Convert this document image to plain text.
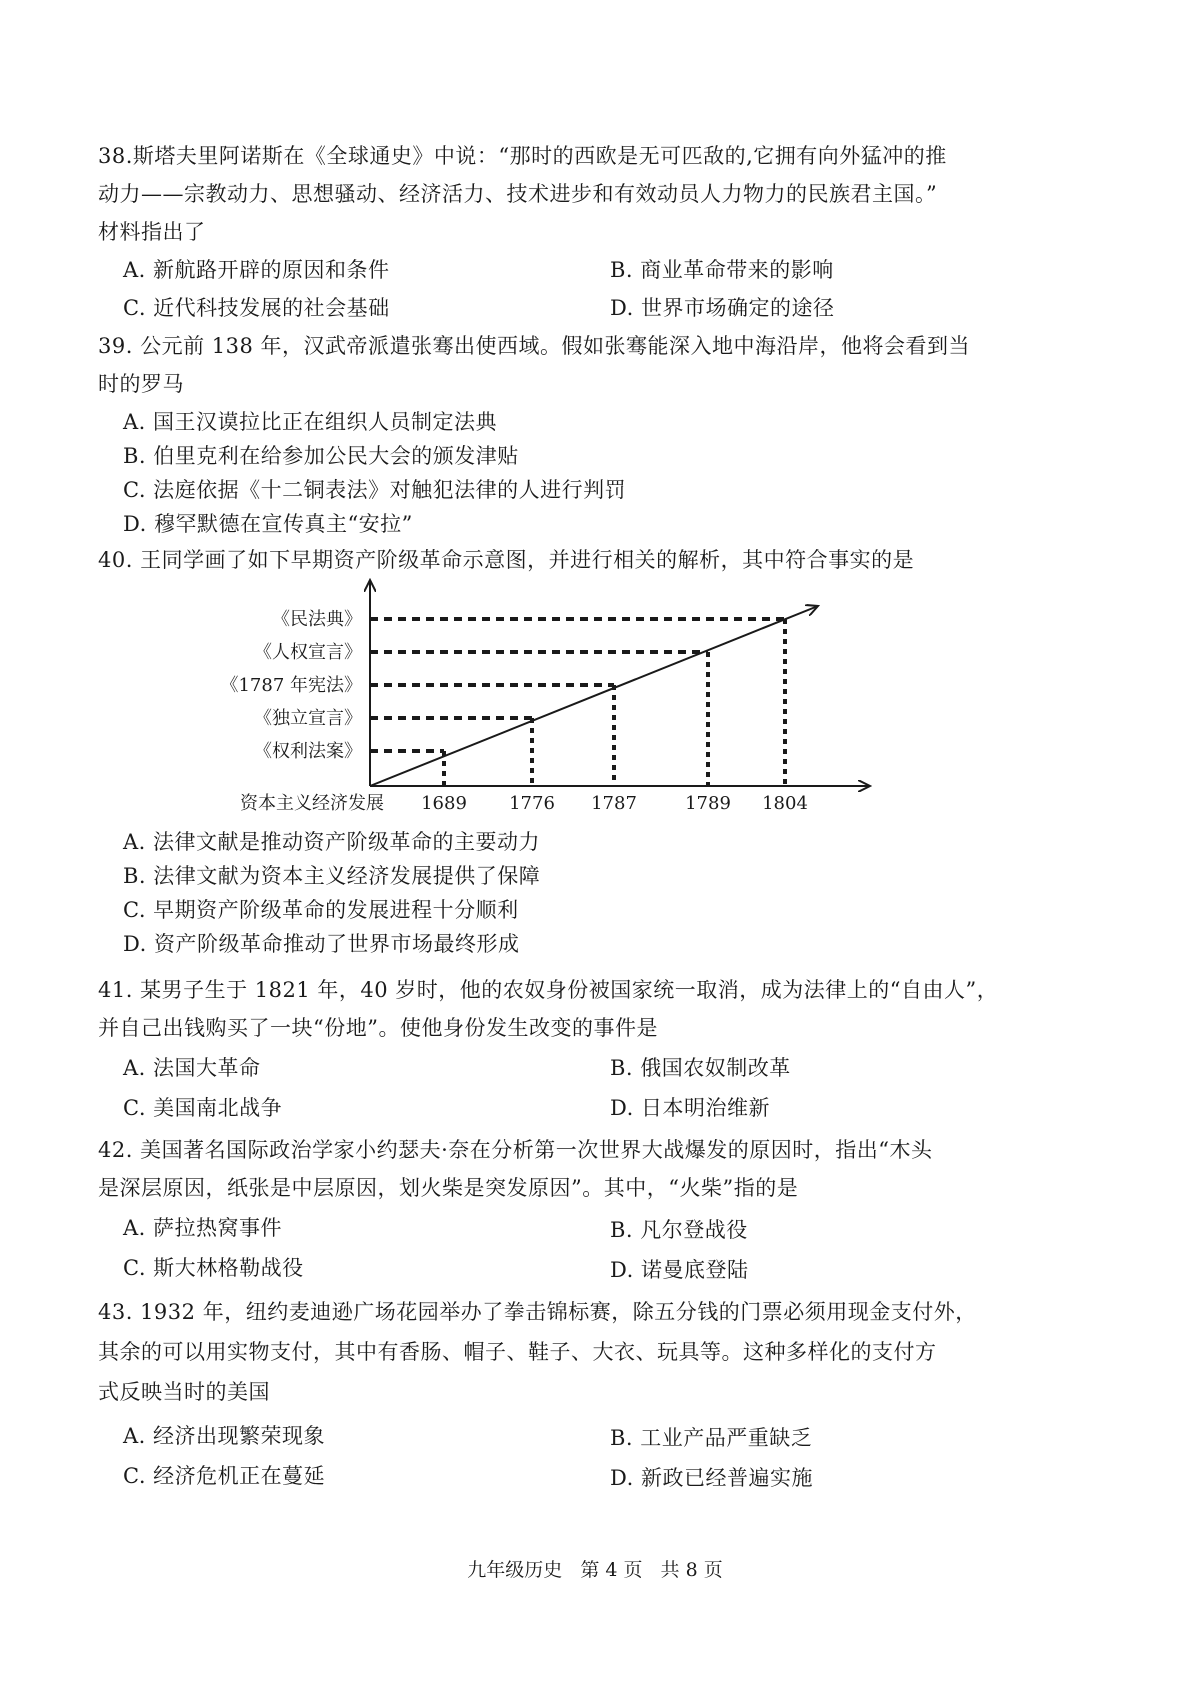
38.斯塔夫里阿诺斯在《全球通史》中说：“那时的西欧是无可匹敌的,它拥有向外猛冲的推
动力——宗教动力、思想骚动、经济活力、技术进步和有效动员人力物力的民族君主国。”
材料指出了
A. 新航路开辟的原因和条件	B. 商业革命带来的影响
C. 近代科技发展的社会基础	D. 世界市场确定的途径
39. 公元前 138 年，汉武帝派遣张骞出使西域。假如张骞能深入地中海沿岸，他将会看到当
时的罗马
A. 国王汉谟拉比正在组织人员制定法典
B. 伯里克利在给参加公民大会的颁发津贴
C. 法庭依据《十二铜表法》对触犯法律的人进行判罚
D. 穆罕默德在宣传真主“安拉”
40. 王同学画了如下早期资产阶级革命示意图，并进行相关的解析，其中符合事实的是
1689
《权利法案》
1776
《独立宣言》
1787
《1787 年宪法》
1789
《人权宣言》
1804
《民法典》
资本主义经济发展
A. 法律文献是推动资产阶级革命的主要动力
B. 法律文献为资本主义经济发展提供了保障
C. 早期资产阶级革命的发展进程十分顺利
D. 资产阶级革命推动了世界市场最终形成
41. 某男子生于 1821 年，40 岁时，他的农奴身份被国家统一取消，成为法律上的“自由人”，
并自己出钱购买了一块“份地”。使他身份发生改变的事件是
A. 法国大革命	B. 俄国农奴制改革
C. 美国南北战争	D. 日本明治维新
42. 美国著名国际政治学家小约瑟夫·奈在分析第一次世界大战爆发的原因时，指出“木头
是深层原因，纸张是中层原因，划火柴是突发原因”。其中，“火柴”指的是
A. 萨拉热窝事件	B. 凡尔登战役
C. 斯大林格勒战役	D. 诺曼底登陆
43. 1932 年，纽约麦迪逊广场花园举办了拳击锦标赛，除五分钱的门票必须用现金支付外，
其余的可以用实物支付，其中有香肠、帽子、鞋子、大衣、玩具等。这种多样化的支付方
式反映当时的美国
A. 经济出现繁荣现象	B. 工业产品严重缺乏
C. 经济危机正在蔓延	D. 新政已经普遍实施
九年级历史 第 4 页 共 8 页
